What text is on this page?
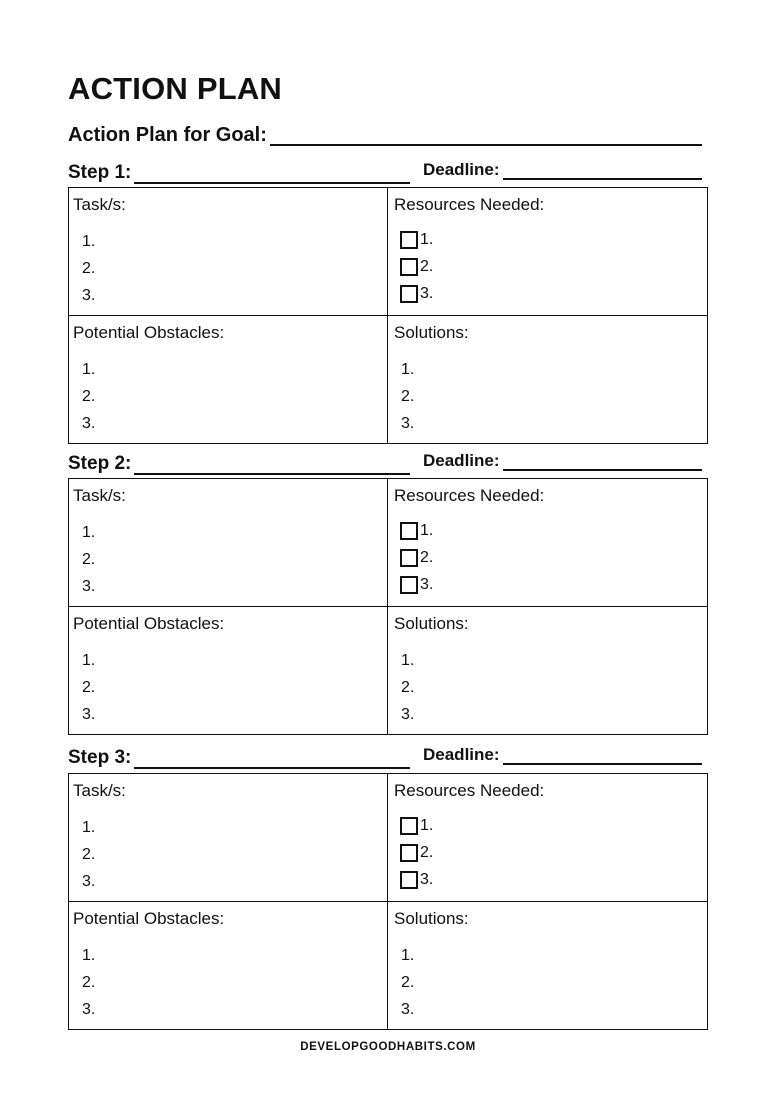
ACTION PLAN
Action Plan for Goal:
Step 1:	Deadline:
Task/s:
1.
2.
3.
Resources Needed:
1.
2.
3.
Potential Obstacles:
1.
2.
3.
Solutions:
1.
2.
3.
Step 2:	Deadline:
Task/s:
1.
2.
3.
Resources Needed:
1.
2.
3.
Potential Obstacles:
1.
2.
3.
Solutions:
1.
2.
3.
Step 3:	Deadline:
Task/s:
1.
2.
3.
Resources Needed:
1.
2.
3.
Potential Obstacles:
1.
2.
3.
Solutions:
1.
2.
3.
DEVELOPGOODHABITS.COM
